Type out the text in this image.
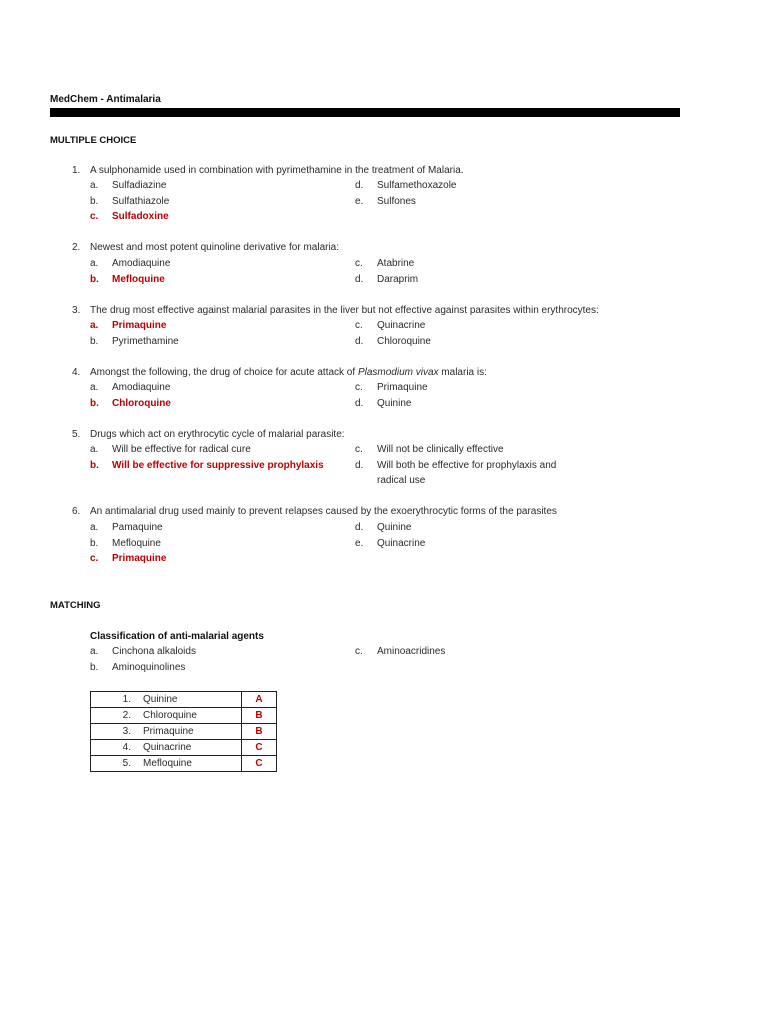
MedChem - Antimalaria
MULTIPLE CHOICE
1. A sulphonamide used in combination with pyrimethamine in the treatment of Malaria.
a. Sulfadiazine
b. Sulfathiazole
c. Sulfadoxine
d. Sulfamethoxazole
e. Sulfones
2. Newest and most potent quinoline derivative for malaria:
a. Amodiaquine
b. Mefloquine
c. Atabrine
d. Daraprim
3. The drug most effective against malarial parasites in the liver but not effective against parasites within erythrocytes:
a. Primaquine
b. Pyrimethamine
c. Quinacrine
d. Chloroquine
4. Amongst the following, the drug of choice for acute attack of Plasmodium vivax malaria is:
a. Amodiaquine
b. Chloroquine
c. Primaquine
d. Quinine
5. Drugs which act on erythrocytic cycle of malarial parasite:
a. Will be effective for radical cure
b. Will be effective for suppressive prophylaxis
c. Will not be clinically effective
d. Will both be effective for prophylaxis and
radical use
6. An antimalarial drug used mainly to prevent relapses caused by the exoerythrocytic forms of the parasites
a. Pamaquine
b. Mefloquine
c. Primaquine
d. Quinine
e. Quinacrine
MATCHING
Classification of anti-malarial agents
a. Cinchona alkaloids
b. Aminoquinolines
c. Aminoacridines
1. Quinine	A
2. Chloroquine	B
3. Primaquine	B
4. Quinacrine	C
5. Mefloquine	C
